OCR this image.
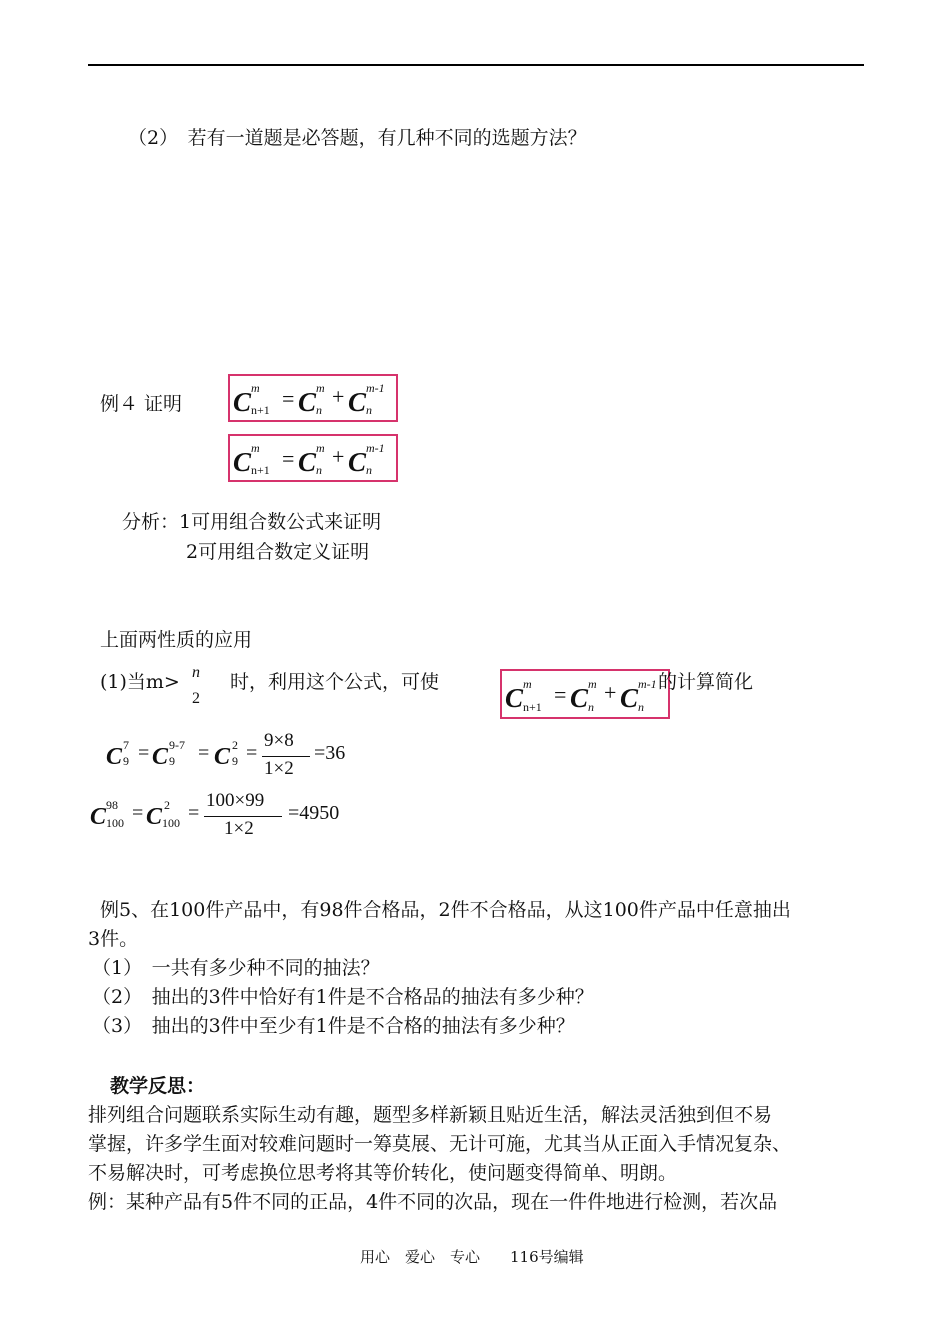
（2）　若有一道题是必答题，有几种不同的选题方法？
例４ 证明 C m
n+1 = C m
n
+ C m-1
n
C m
n+1 = C m
n
+ C m-1
n
分析：1可用组合数公式来证明
2可用组合数定义证明
上面两性质的应用
(1)当m> n
2
时，利用这个公式，可使
C m
n+1 = C m
n
+ C m-1
n
的计算简化
C 7
9 = C 9-7
9 = C 2
9 =
9×8
1×2
=36
C 98
100 = C 2
100 =
100×99
1×2
=4950
例5、在100件产品中，有98件合格品，2件不合格品，从这100件产品中任意抽出
3件。
（1）　一共有多少种不同的抽法？
（2）　抽出的3件中恰好有1件是不合格品的抽法有多少种？
（3）　抽出的3件中至少有1件是不合格的抽法有多少种？
教学反思：
排列组合问题联系实际生动有趣，题型多样新颖且贴近生活，解法灵活独到但不易
掌握，许多学生面对较难问题时一筹莫展、无计可施，尤其当从正面入手情况复杂、
不易解决时，可考虑换位思考将其等价转化，使问题变得简单、明朗。
例：某种产品有5件不同的正品，4件不同的次品，现在一件件地进行检测，若次品
用心　爱心　专心　　116号编辑
